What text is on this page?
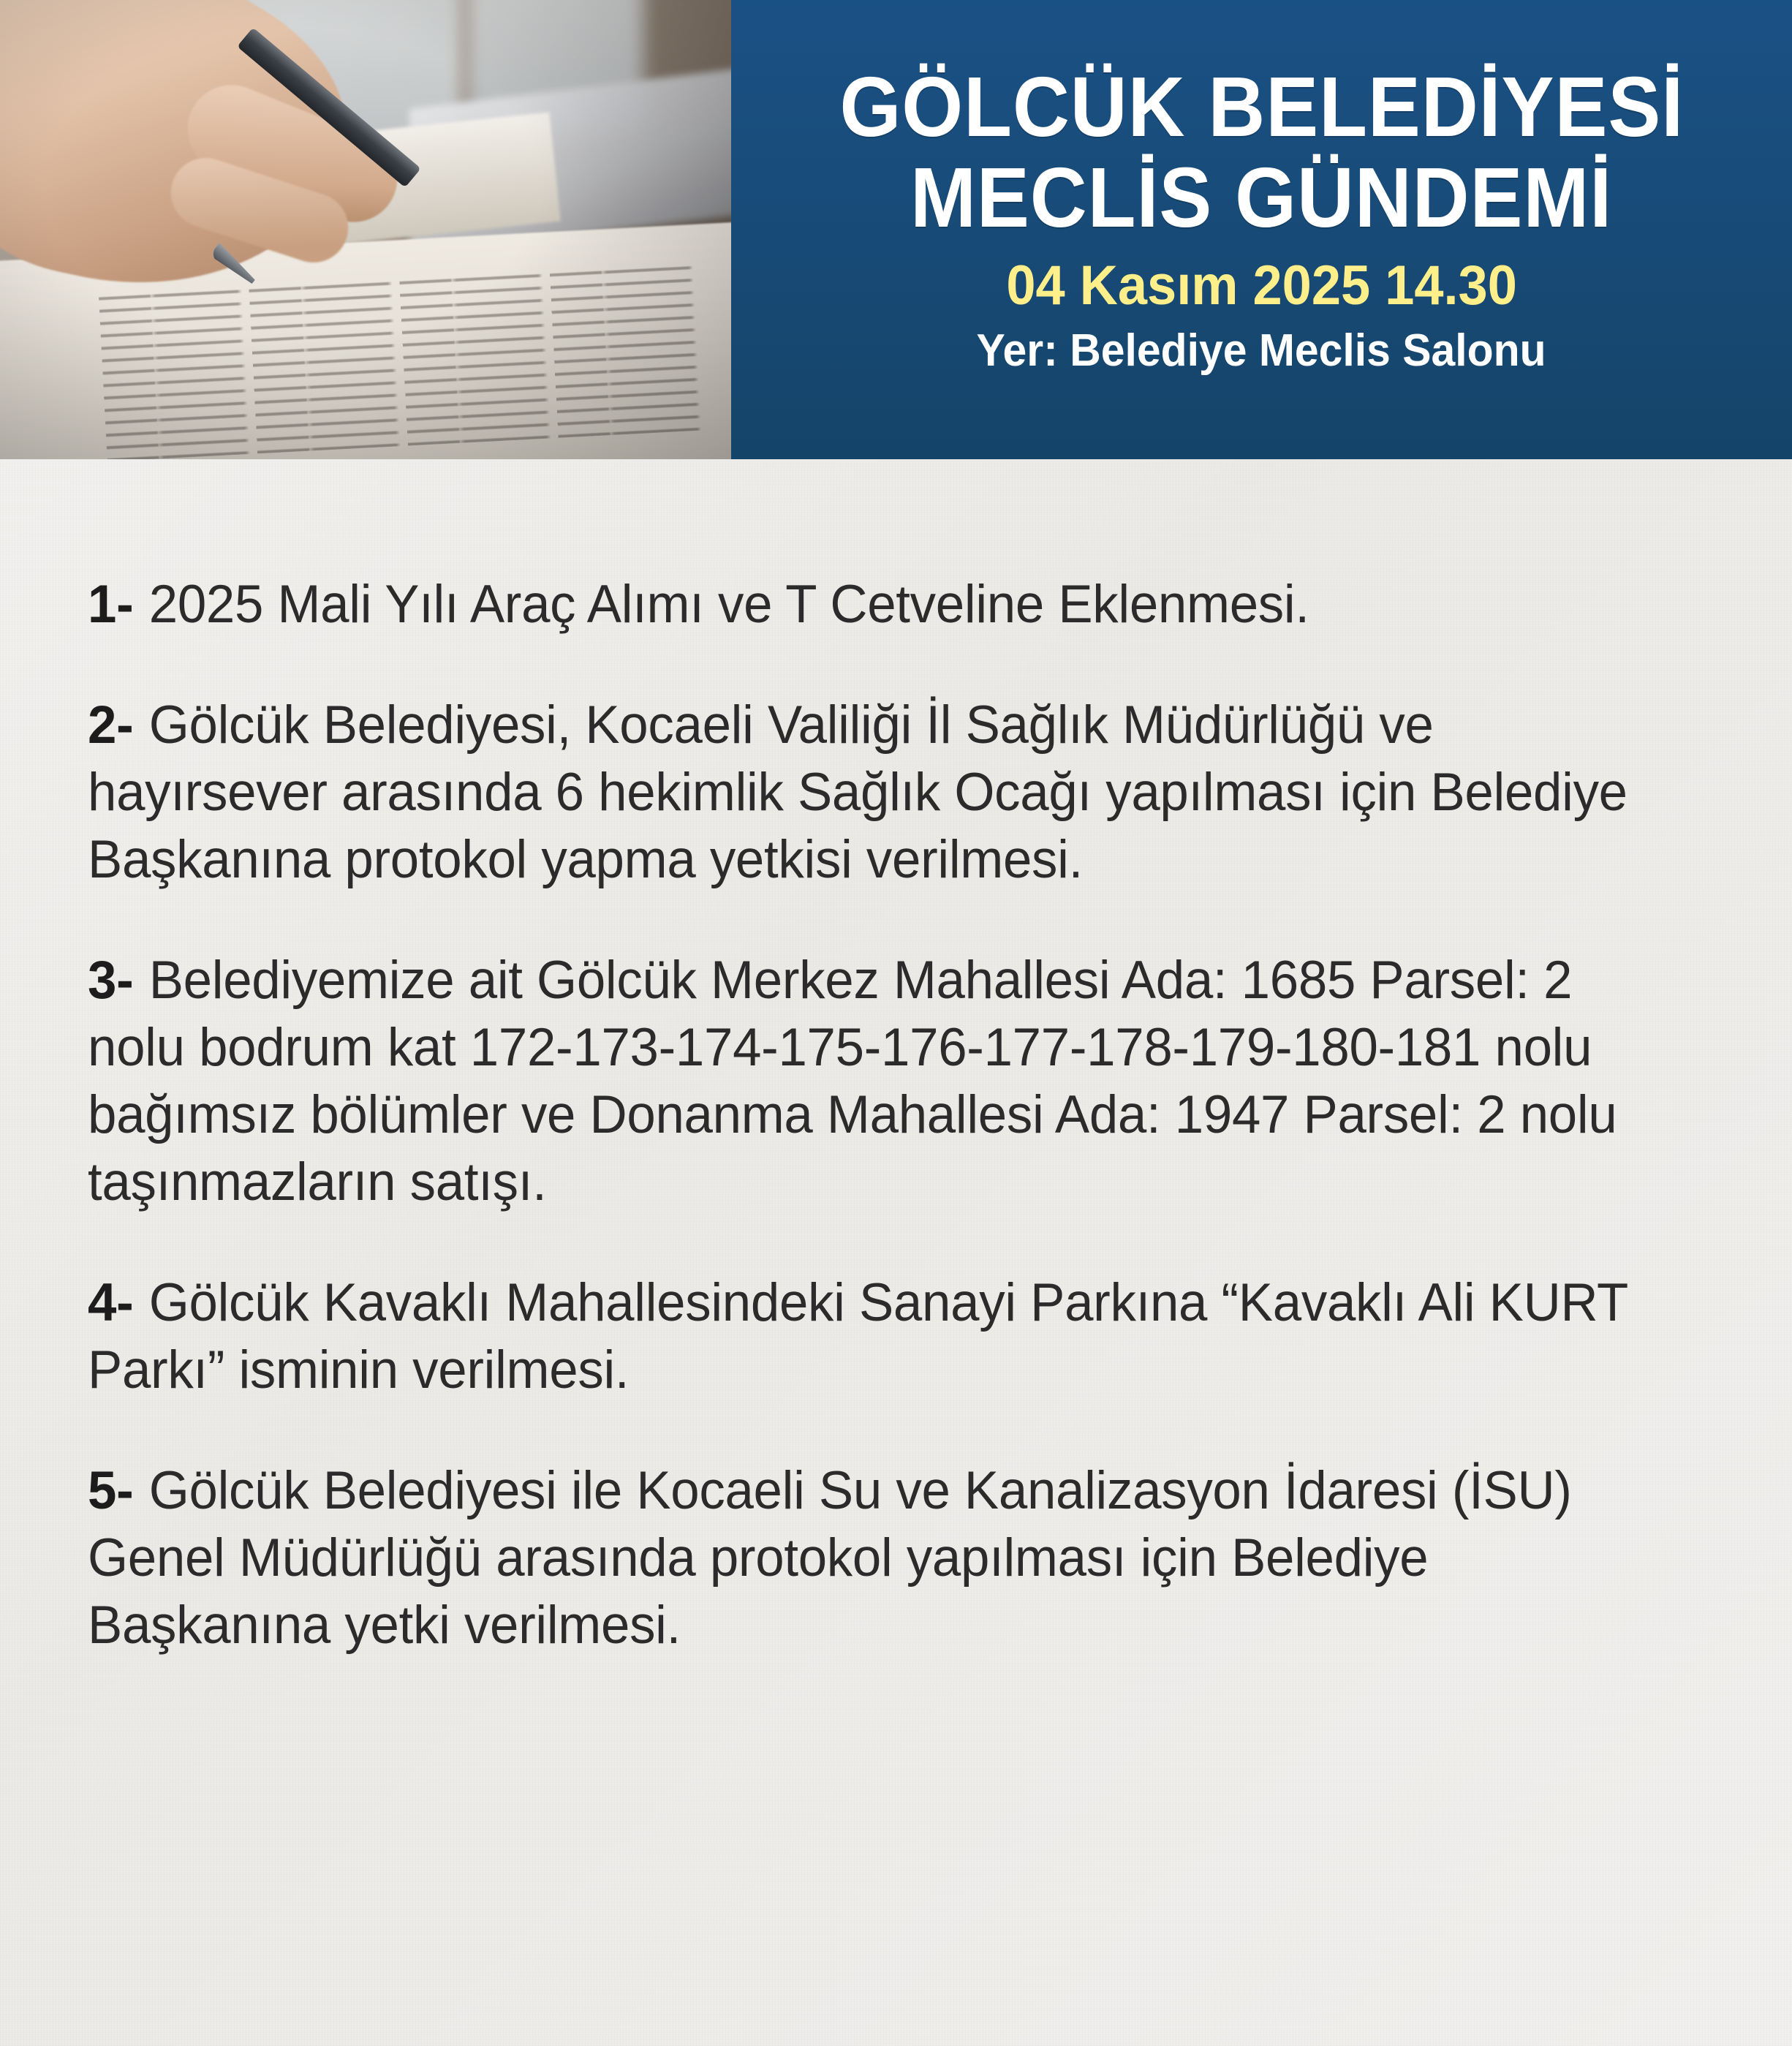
GÖLCÜK BELEDİYESİ
MECLİS GÜNDEMİ
04 Kasım 2025 14.30
Yer: Belediye Meclis Salonu

1- 2025 Mali Yılı Araç Alımı ve T Cetveline Eklenmesi.

2- Gölcük Belediyesi, Kocaeli Valiliği İl Sağlık Müdürlüğü ve hayırsever arasında 6 hekimlik Sağlık Ocağı yapılması için Belediye Başkanına protokol yapma yetkisi verilmesi.

3- Belediyemize ait Gölcük Merkez Mahallesi Ada: 1685 Parsel: 2 nolu bodrum kat 172-173-174-175-176-177-178-179-180-181 nolu bağımsız bölümler ve Donanma Mahallesi Ada: 1947 Parsel: 2 nolu taşınmazların satışı.

4- Gölcük Kavaklı Mahallesindeki Sanayi Parkına “Kavaklı Ali KURT Parkı” isminin verilmesi.

5- Gölcük Belediyesi ile Kocaeli Su ve Kanalizasyon İdaresi (İSU) Genel Müdürlüğü arasında protokol yapılması için Belediye Başkanına yetki verilmesi.
